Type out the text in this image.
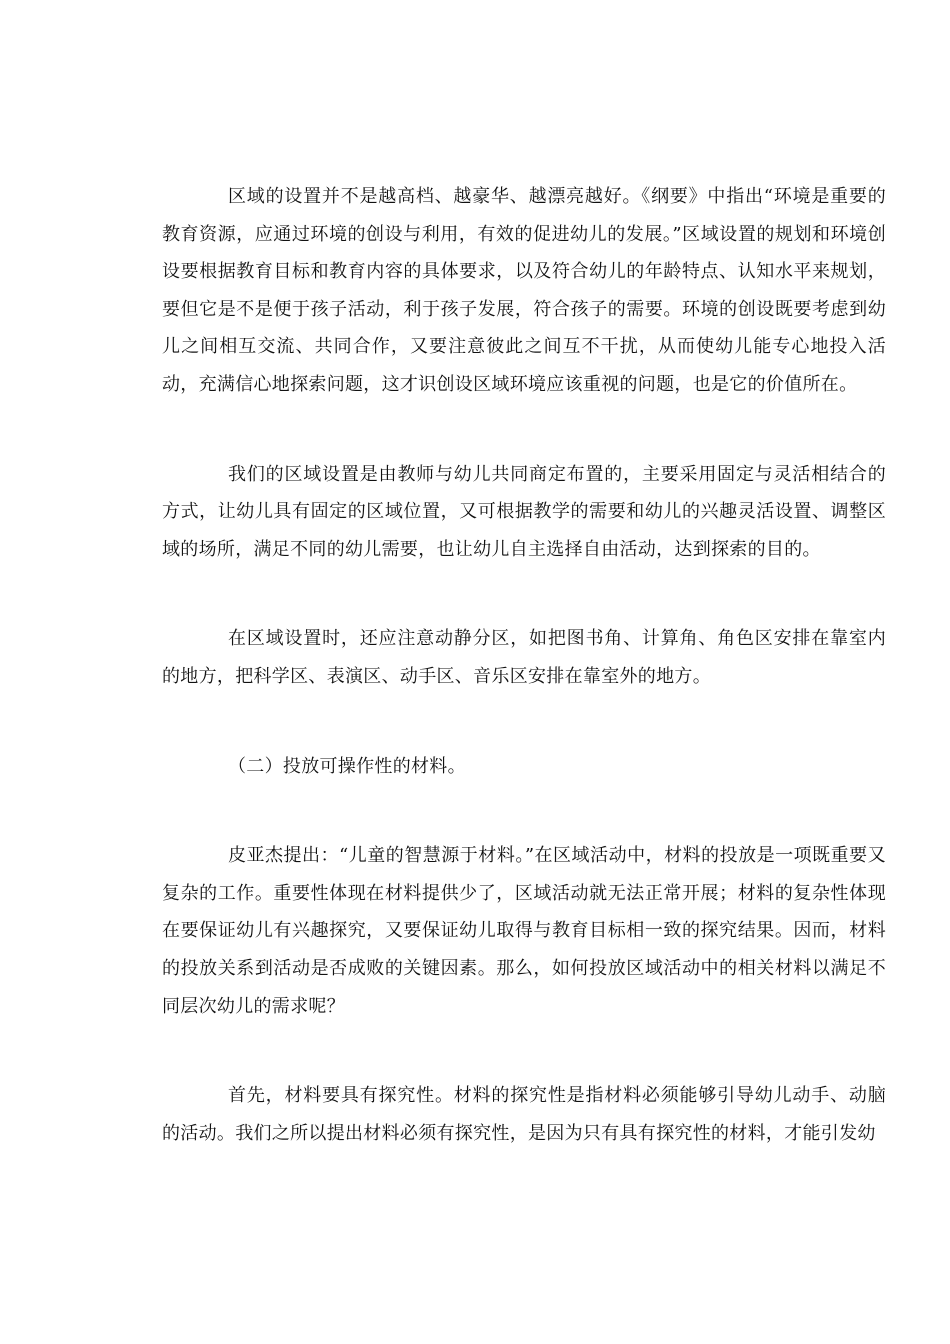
区域的设置并不是越高档、越豪华、越漂亮越好。《纲要》中指出“环境是重要的教育资源，应通过环境的创设与利用，有效的促进幼儿的发展。”区域设置的规划和环境创设要根据教育目标和教育内容的具体要求，以及符合幼儿的年龄特点、认知水平来规划，要但它是不是便于孩子活动，利于孩子发展，符合孩子的需要。环境的创设既要考虑到幼儿之间相互交流、共同合作，又要注意彼此之间互不干扰，从而使幼儿能专心地投入活动，充满信心地探索问题，这才识创设区域环境应该重视的问题，也是它的价值所在。

我们的区域设置是由教师与幼儿共同商定布置的，主要采用固定与灵活相结合的方式，让幼儿具有固定的区域位置，又可根据教学的需要和幼儿的兴趣灵活设置、调整区域的场所，满足不同的幼儿需要，也让幼儿自主选择自由活动，达到探索的目的。

在区域设置时，还应注意动静分区，如把图书角、计算角、角色区安排在靠室内的地方，把科学区、表演区、动手区、音乐区安排在靠室外的地方。

（二）投放可操作性的材料。

皮亚杰提出：“儿童的智慧源于材料。”在区域活动中，材料的投放是一项既重要又复杂的工作。重要性体现在材料提供少了，区域活动就无法正常开展；材料的复杂性体现在要保证幼儿有兴趣探究，又要保证幼儿取得与教育目标相一致的探究结果。因而，材料的投放关系到活动是否成败的关键因素。那么，如何投放区域活动中的相关材料以满足不同层次幼儿的需求呢？

首先，材料要具有探究性。材料的探究性是指材料必须能够引导幼儿动手、动脑的活动。我们之所以提出材料必须有探究性，是因为只有具有探究性的材料，才能引发幼
